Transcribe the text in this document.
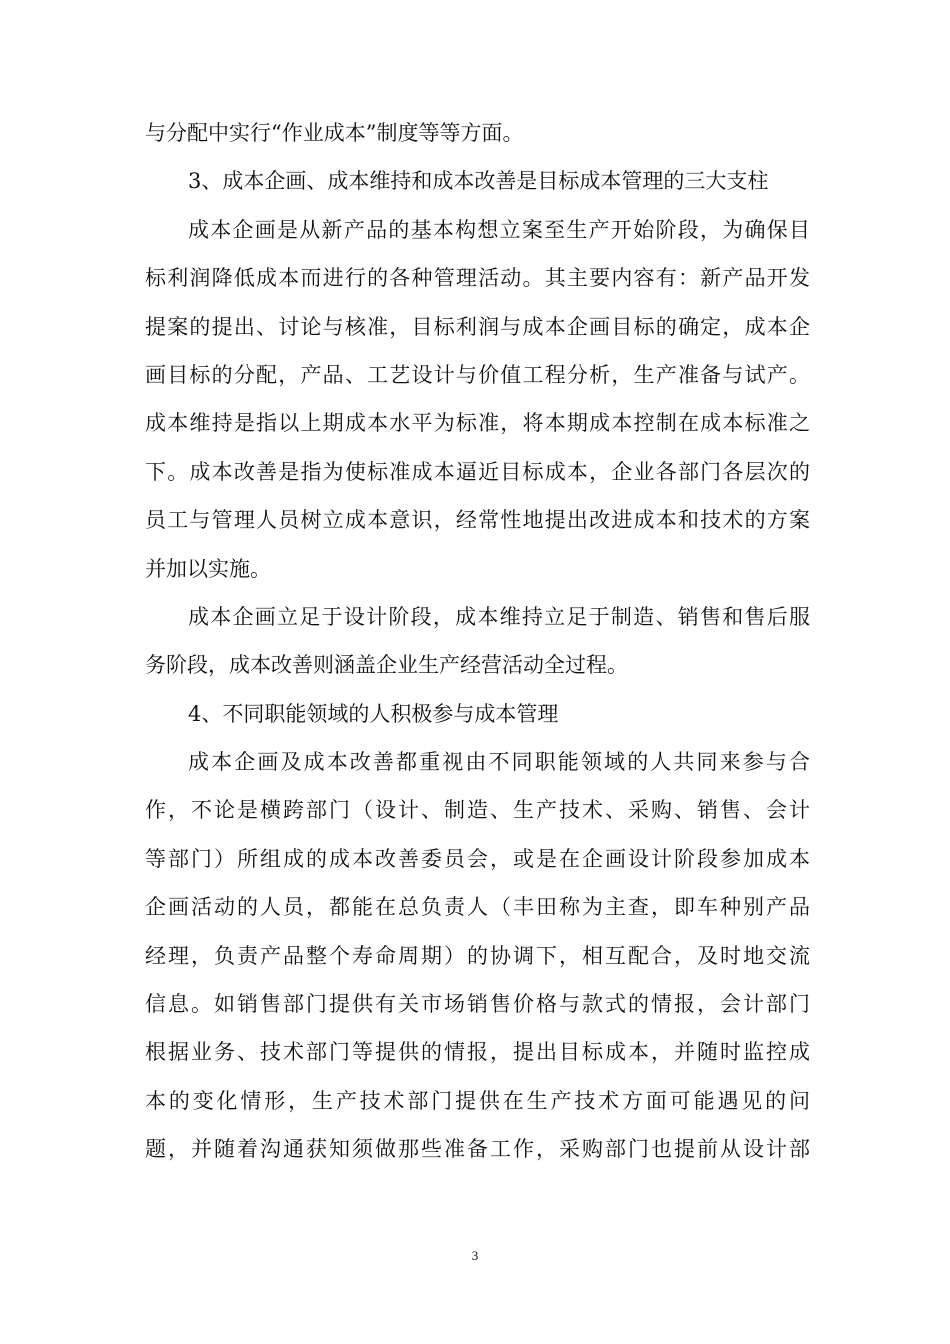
与分配中实行“作业成本”制度等等方面。
3、成本企画、成本维持和成本改善是目标成本管理的三大支柱
成本企画是从新产品的基本构想立案至生产开始阶段，为确保目
标利润降低成本而进行的各种管理活动。其主要内容有：新产品开发
提案的提出、讨论与核准，目标利润与成本企画目标的确定，成本企
画目标的分配，产品、工艺设计与价值工程分析，生产准备与试产。
成本维持是指以上期成本水平为标准，将本期成本控制在成本标准之
下。成本改善是指为使标准成本逼近目标成本，企业各部门各层次的
员工与管理人员树立成本意识，经常性地提出改进成本和技术的方案
并加以实施。
成本企画立足于设计阶段，成本维持立足于制造、销售和售后服
务阶段，成本改善则涵盖企业生产经营活动全过程。
4、不同职能领域的人积极参与成本管理
成本企画及成本改善都重视由不同职能领域的人共同来参与合
作，不论是横跨部门（设计、制造、生产技术、采购、销售、会计
等部门）所组成的成本改善委员会，或是在企画设计阶段参加成本
企画活动的人员，都能在总负责人（丰田称为主查，即车种别产品
经理，负责产品整个寿命周期）的协调下，相互配合，及时地交流
信息。如销售部门提供有关市场销售价格与款式的情报，会计部门
根据业务、技术部门等提供的情报，提出目标成本，并随时监控成
本的变化情形，生产技术部门提供在生产技术方面可能遇见的问
题，并随着沟通获知须做那些准备工作，采购部门也提前从设计部
3
